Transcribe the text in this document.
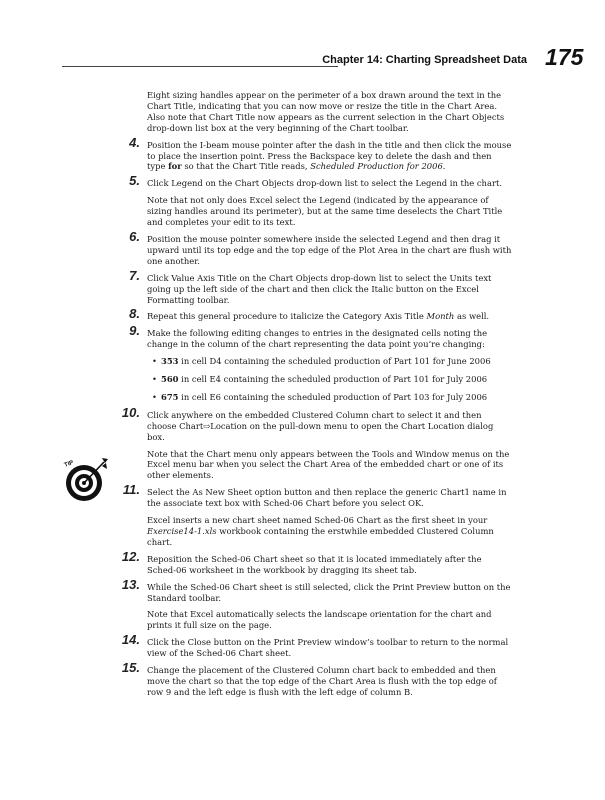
Chapter 14: Charting Spreadsheet Data 175
TIP

Eight sizing handles appear on the perimeter of a box drawn around the text in the Chart Title, indicating that you can now move or resize the title in the Chart Area. Also note that Chart Title now appears as the current selection in the Chart Objects drop-down list box at the very beginning of the Chart toolbar.

4. Position the I-beam mouse pointer after the dash in the title and then click the mouse to place the insertion point. Press the Backspace key to delete the dash and then type for so that the Chart Title reads, Scheduled Production for 2006.
5. Click Legend on the Chart Objects drop-down list to select the Legend in the chart.

Note that not only does Excel select the Legend (indicated by the appearance of sizing handles around its perimeter), but at the same time deselects the Chart Title and completes your edit to its text.

6. Position the mouse pointer somewhere inside the selected Legend and then drag it upward until its top edge and the top edge of the Plot Area in the chart are flush with one another.
7. Click Value Axis Title on the Chart Objects drop-down list to select the Units text going up the left side of the chart and then click the Italic button on the Excel Formatting toolbar.
8. Repeat this general procedure to italicize the Category Axis Title Month as well.
9. Make the following editing changes to entries in the designated cells noting the change in the column of the chart representing the data point you’re changing:
• 353 in cell D4 containing the scheduled production of Part 101 for June 2006
• 560 in cell E4 containing the scheduled production of Part 101 for July 2006
• 675 in cell E6 containing the scheduled production of Part 103 for July 2006
10. Click anywhere on the embedded Clustered Column chart to select it and then choose Chart⇨Location on the pull-down menu to open the Chart Location dialog box.

Note that the Chart menu only appears between the Tools and Window menus on the Excel menu bar when you select the Chart Area of the embedded chart or one of its other elements.

11. Select the As New Sheet option button and then replace the generic Chart1 name in the associate text box with Sched-06 Chart before you select OK.

Excel inserts a new chart sheet named Sched-06 Chart as the first sheet in your Exercise14-1.xls workbook containing the erstwhile embedded Clustered Column chart.

12. Reposition the Sched-06 Chart sheet so that it is located immediately after the Sched-06 worksheet in the workbook by dragging its sheet tab.
13. While the Sched-06 Chart sheet is still selected, click the Print Preview button on the Standard toolbar.

Note that Excel automatically selects the landscape orientation for the chart and prints it full size on the page.

14. Click the Close button on the Print Preview window’s toolbar to return to the normal view of the Sched-06 Chart sheet.
15. Change the placement of the Clustered Column chart back to embedded and then move the chart so that the top edge of the Chart Area is flush with the top edge of row 9 and the left edge is flush with the left edge of column B.
